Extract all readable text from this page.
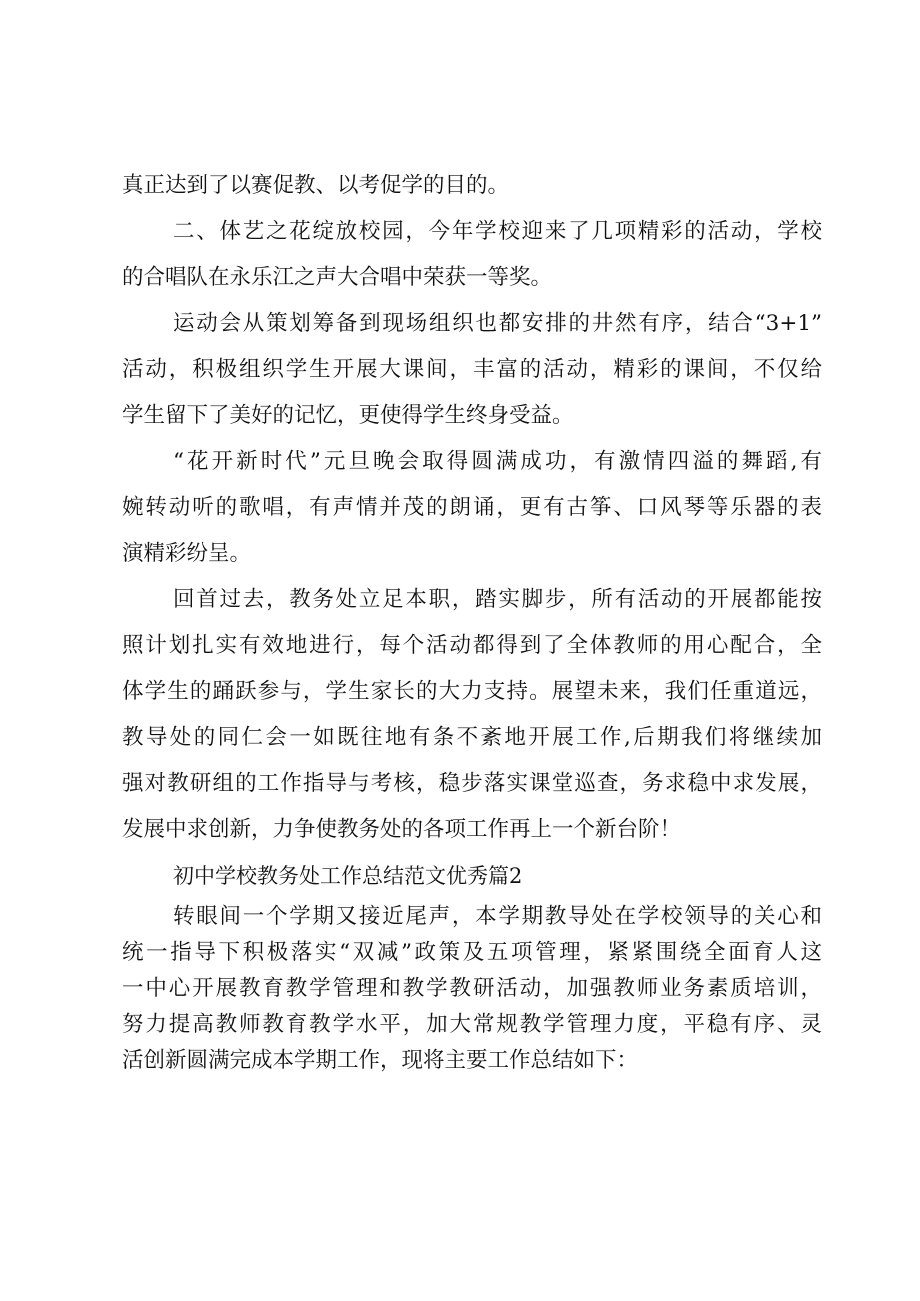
真正达到了以赛促教、以考促学的目的。
二、体艺之花绽放校园，今年学校迎来了几项精彩的活动，学校
的合唱队在永乐江之声大合唱中荣获一等奖。
运动会从策划筹备到现场组织也都安排的井然有序，结合“3+1”
活动，积极组织学生开展大课间，丰富的活动，精彩的课间，不仅给
学生留下了美好的记忆，更使得学生终身受益。
“花开新时代”元旦晚会取得圆满成功，有激情四溢的舞蹈,有
婉转动听的歌唱，有声情并茂的朗诵，更有古筝、口风琴等乐器的表
演精彩纷呈。
回首过去，教务处立足本职，踏实脚步，所有活动的开展都能按
照计划扎实有效地进行，每个活动都得到了全体教师的用心配合，全
体学生的踊跃参与，学生家长的大力支持。展望未来，我们任重道远，
教导处的同仁会一如既往地有条不紊地开展工作,后期我们将继续加
强对教研组的工作指导与考核，稳步落实课堂巡查，务求稳中求发展，
发展中求创新，力争使教务处的各项工作再上一个新台阶！
初中学校教务处工作总结范文优秀篇2
转眼间一个学期又接近尾声，本学期教导处在学校领导的关心和
统一指导下积极落实“双减”政策及五项管理，紧紧围绕全面育人这
一中心开展教育教学管理和教学教研活动，加强教师业务素质培训，
努力提高教师教育教学水平，加大常规教学管理力度，平稳有序、灵
活创新圆满完成本学期工作，现将主要工作总结如下：
